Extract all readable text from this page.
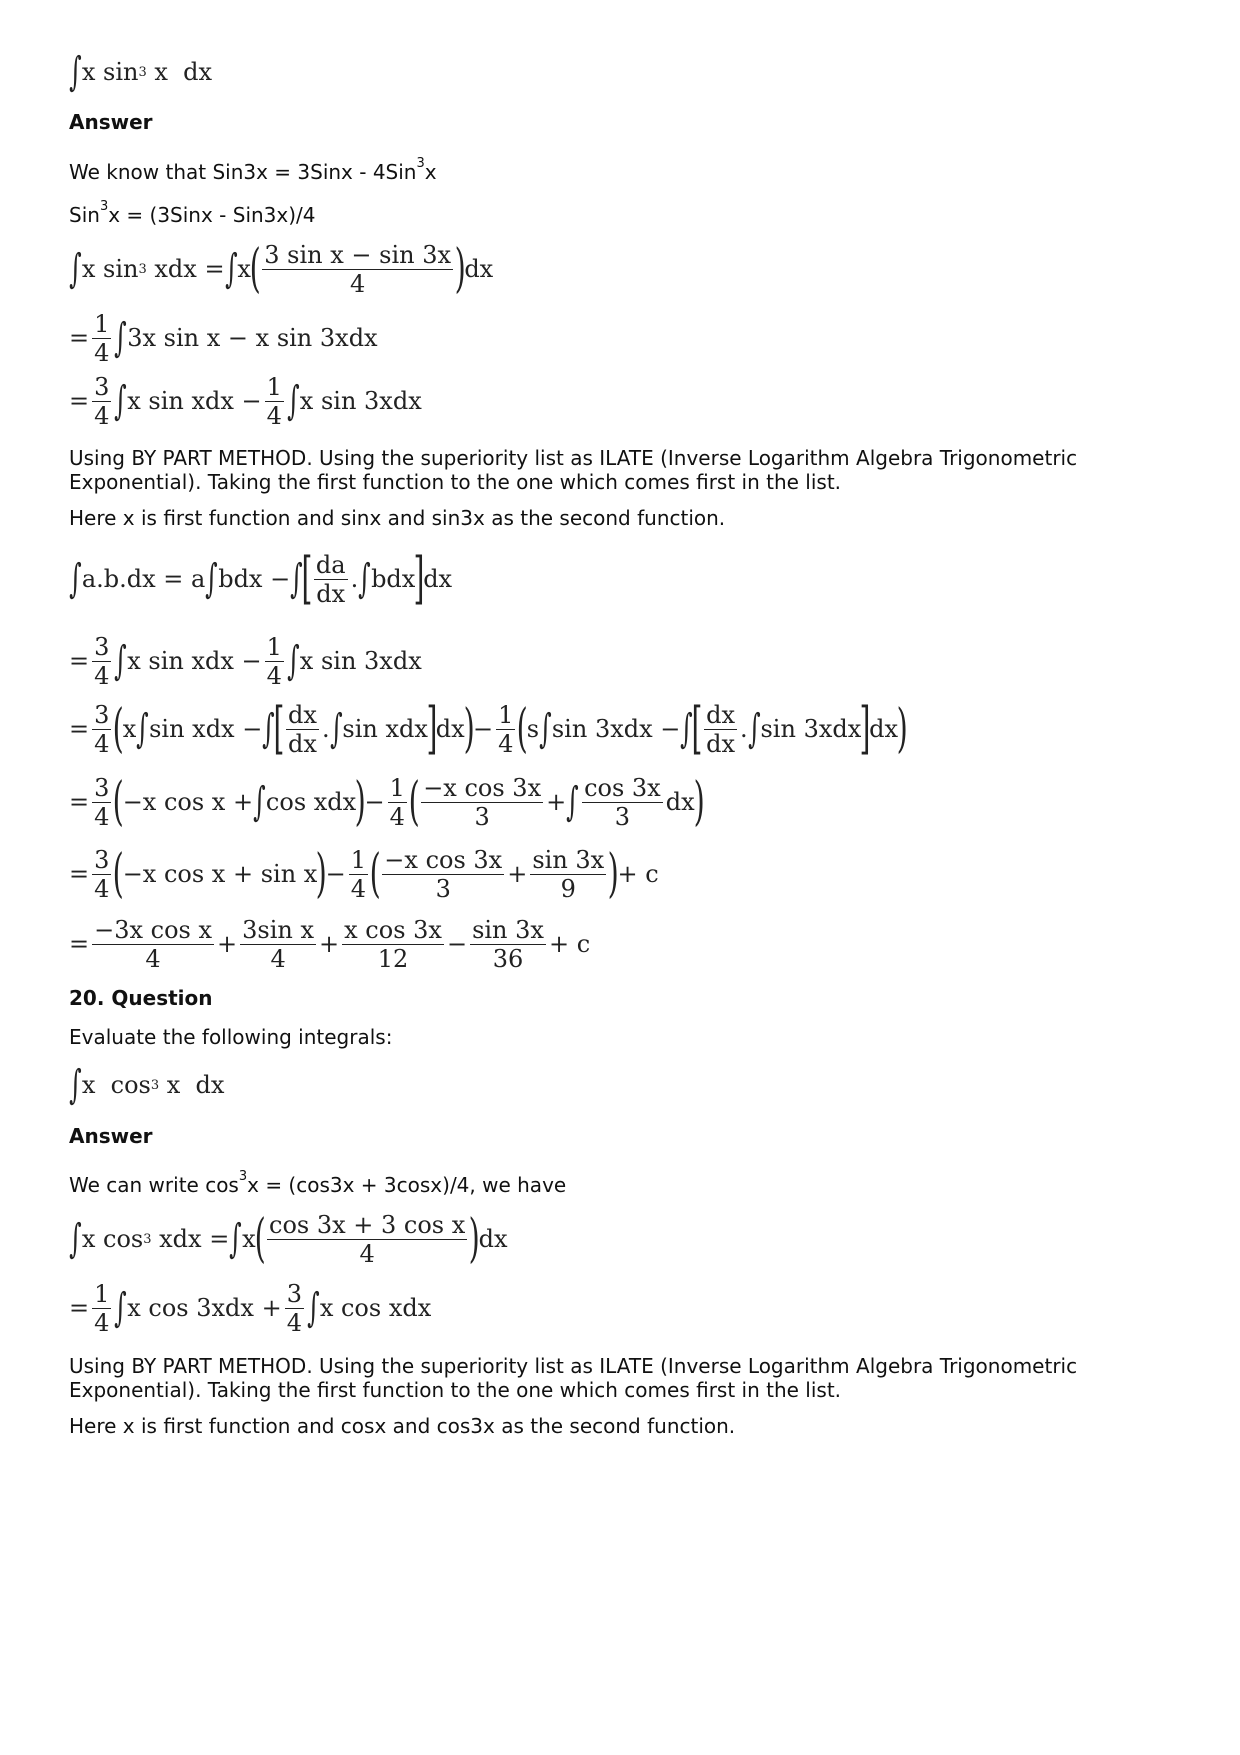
∫ x sin 3 x  dx
Answer
We know that Sin3x = 3Sinx - 4Sin$^3$x
Sin$^3$x = (3Sinx - Sin3x)/4
∫ x sin 3 xdx = ∫ x
( $\frac{\text{3 sin x − sin 3x}}{4}$ )
dx
= $\frac{1}{4}$ ∫ 3x sin x − x sin 3xdx
= $\frac{3}{4}$ ∫ x sin xdx − $\frac{1}{4}$ ∫ x sin 3xdx
Using BY PART METHOD. Using the superiority list as ILATE (Inverse Logarithm Algebra Trigonometric Exponential). Taking the first function to the one which comes first in the list.
Here x is first function and sinx and sin3x as the second function.
∫ a.b.dx = a ∫ bdx − ∫
[ $\frac{da}{dx}$ . ∫ bdx
]
dx
= $\frac{3}{4}$ ∫ x sin xdx − $\frac{1}{4}$ ∫ x sin 3xdx
= $\frac{3}{4}$ (
x ∫ sin xdx − ∫
[ $\frac{dx}{dx}$ . ∫ sin xdx
]
dx
)
− $\frac{1}{4}$ (
s ∫ sin 3xdx − ∫
[ $\frac{dx}{dx}$ . ∫ sin 3xdx
]
dx
)
= $\frac{3}{4}$ (
−x cos x + ∫ cos xdx
)
− $\frac{1}{4}$ ( $\frac{\text{−x cos 3x}}{3}$ + ∫ $\frac{\cos 3x}{3}$ dx
)
= $\frac{3}{4}$ (
−x cos x + sin x
)
− $\frac{1}{4}$ ( $\frac{\text{−x cos 3x}}{3} + \frac{\sin 3x}{9}$ )
+ c
= $\frac{\text{−3x cos x}}{4} + \frac{\text{3sin x}}{4} + \frac{\text{x cos 3x}}{12} - \frac{\sin 3x}{36} + c$
20. Question
Evaluate the following integrals:
∫ x  cos 3 x  dx
Answer
We can write $\cos^3x = (\cos 3x + 3\cos x)/4$, we have
∫ x cos 3 xdx = ∫ x
( $\frac{\text{cos 3x + 3 cos x}}{4}$ )
dx
= $\frac{1}{4}$ ∫ x $\cos 3xdx + \frac{3}{4}$ ∫ x cos xdx
Using BY PART METHOD. Using the superiority list as ILATE (Inverse Logarithm Algebra Trigonometric Exponential). Taking the first function to the one which comes first in the list.
Here x is first function and cosx and cos3x as the second function.
